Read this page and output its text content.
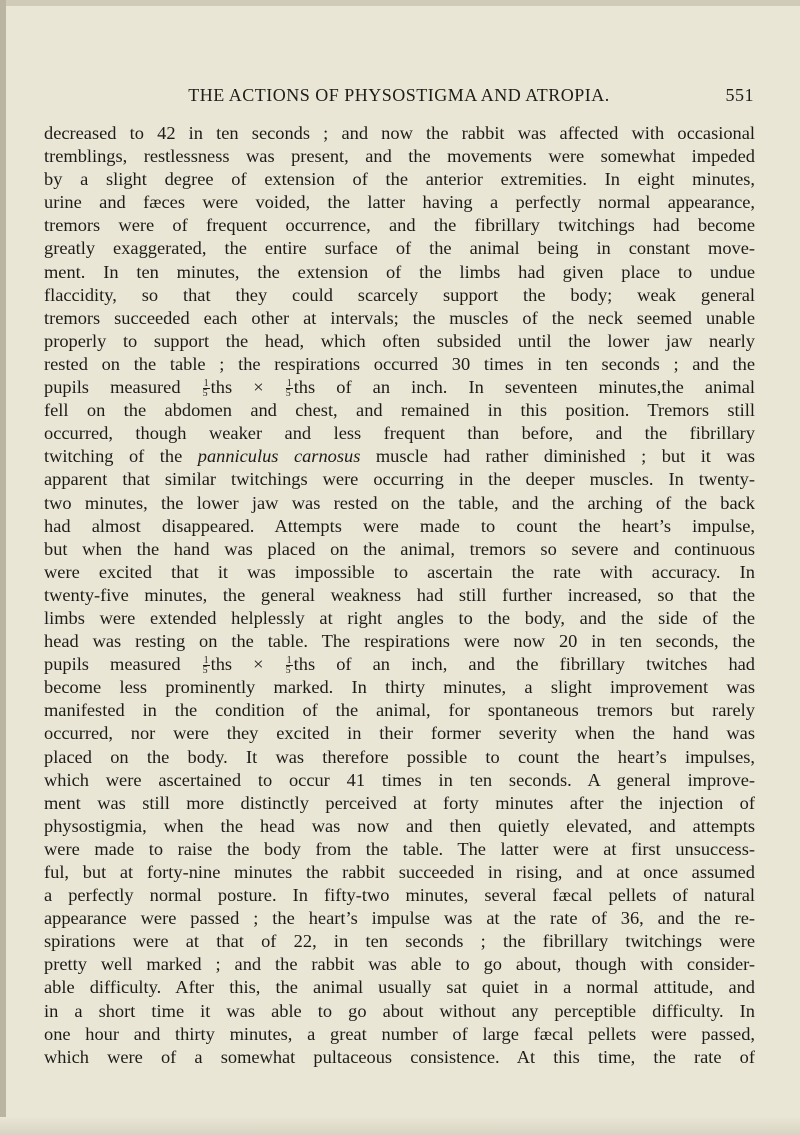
THE ACTIONS OF PHYSOSTIGMA AND ATROPIA.	551
decreased to 42 in ten seconds ; and now the rabbit was affected with occasional
tremblings, restlessness was present, and the movements were somewhat impeded
by a slight degree of extension of the anterior extremities. In eight minutes,
urine and fæces were voided, the latter having a perfectly normal appearance,
tremors were of frequent occurrence, and the fibrillary twitchings had become
greatly exaggerated, the entire surface of the animal being in constant move-
ment. In ten minutes, the extension of the limbs had given place to undue
flaccidity, so that they could scarcely support the body; weak general
tremors succeeded each other at intervals; the muscles of the neck seemed unable
properly to support the head, which often subsided until the lower jaw nearly
rested on the table ; the respirations occurred 30 times in ten seconds ; and the
pupils measured $\frac{1}{5}$ ths × $\frac{1}{5}$ ths of an inch. In seventeen minutes,the animal
fell on the abdomen and chest, and remained in this position. Tremors still
occurred, though weaker and less frequent than before, and the fibrillary
twitching of the panniculus carnosus muscle had rather diminished ; but it was
apparent that similar twitchings were occurring in the deeper muscles. In twenty-
two minutes, the lower jaw was rested on the table, and the arching of the back
had almost disappeared. Attempts were made to count the heart’s impulse,
but when the hand was placed on the animal, tremors so severe and continuous
were excited that it was impossible to ascertain the rate with accuracy. In
twenty-five minutes, the general weakness had still further increased, so that the
limbs were extended helplessly at right angles to the body, and the side of the
head was resting on the table. The respirations were now 20 in ten seconds, the
pupils measured $\frac{1}{5}$ ths × $\frac{1}{5}$ ths of an inch, and the fibrillary twitches had
become less prominently marked. In thirty minutes, a slight improvement was
manifested in the condition of the animal, for spontaneous tremors but rarely
occurred, nor were they excited in their former severity when the hand was
placed on the body. It was therefore possible to count the heart’s impulses,
which were ascertained to occur 41 times in ten seconds. A general improve-
ment was still more distinctly perceived at forty minutes after the injection of
physostigmia, when the head was now and then quietly elevated, and attempts
were made to raise the body from the table. The latter were at first unsuccess-
ful, but at forty-nine minutes the rabbit succeeded in rising, and at once assumed
a perfectly normal posture. In fifty-two minutes, several fæcal pellets of natural
appearance were passed ; the heart’s impulse was at the rate of 36, and the re-
spirations were at that of 22, in ten seconds ; the fibrillary twitchings were
pretty well marked ; and the rabbit was able to go about, though with consider-
able difficulty. After this, the animal usually sat quiet in a normal attitude, and
in a short time it was able to go about without any perceptible difficulty. In
one hour and thirty minutes, a great number of large fæcal pellets were passed,
which were of a somewhat pultaceous consistence. At this time, the rate of
